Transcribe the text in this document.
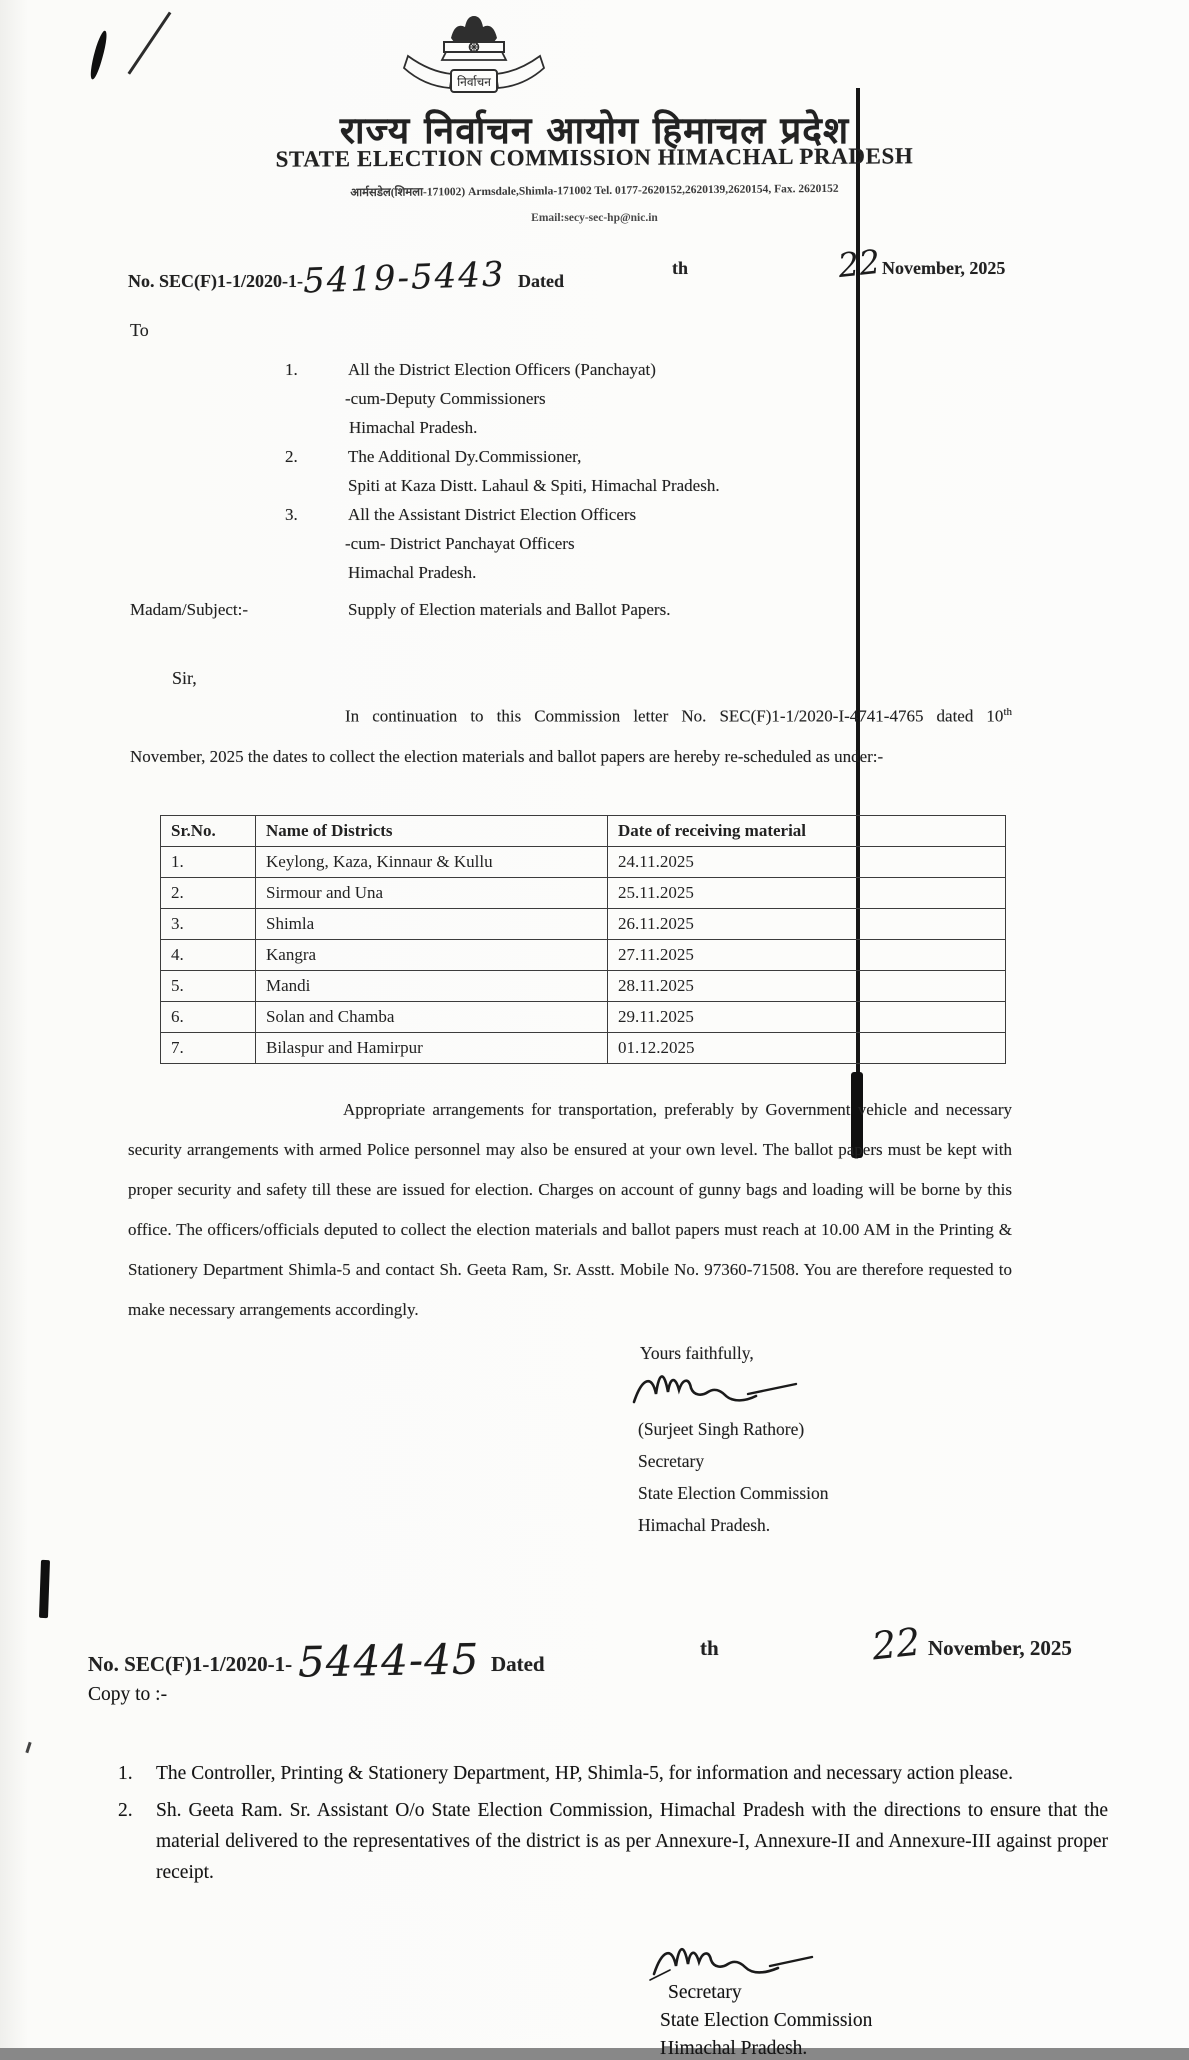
निर्वाचन
राज्य निर्वाचन आयोग हिमाचल प्रदेश
STATE ELECTION COMMISSION HIMACHAL PRADESH
आर्मसडेल(शिमला-171002) Armsdale,Shimla-171002 Tel. 0177-2620152,2620139,2620154, Fax. 2620152
Email:secy-sec-hp@nic.in
No. SEC(F)1-1/2020-1-5419-5443 Dated
th	22 November, 2025
To
1.	All the District Election Officers (Panchayat)
-cum-Deputy Commissioners
Himachal Pradesh.
2.	The Additional Dy.Commissioner,
Spiti at Kaza Distt. Lahaul & Spiti, Himachal Pradesh.
3.	All the Assistant District Election Officers
-cum- District Panchayat Officers
Himachal Pradesh.
Madam/Subject:-	Supply of Election materials and Ballot Papers.
Sir,
In continuation to this Commission letter No. SEC(F)1-1/2020-I-4741-4765 dated 10th November, 2025 the dates to collect the election materials and ballot papers are hereby re-scheduled as under:-
Sr.No.	Name of Districts	Date of receiving material
1.	Keylong, Kaza, Kinnaur & Kullu	24.11.2025
2.	Sirmour and Una	25.11.2025
3.	Shimla	26.11.2025
4.	Kangra	27.11.2025
5.	Mandi	28.11.2025
6.	Solan and Chamba	29.11.2025
7.	Bilaspur and Hamirpur	01.12.2025
Appropriate arrangements for transportation, preferably by Government vehicle and necessary security arrangements with armed Police personnel may also be ensured at your own level. The ballot papers must be kept with proper security and safety till these are issued for election. Charges on account of gunny bags and loading will be borne by this office. The officers/officials deputed to collect the election materials and ballot papers must reach at 10.00 AM in the Printing & Stationery Department Shimla-5 and contact Sh. Geeta Ram, Sr. Asstt. Mobile No. 97360-71508. You are therefore requested to make necessary arrangements accordingly.
Yours faithfully,
(Surjeet Singh Rathore)
Secretary
State Election Commission
Himachal Pradesh.
No. SEC(F)1-1/2020-1- 5444-45 Dated
th	22 November, 2025
Copy to :-
1.	The Controller, Printing & Stationery Department, HP, Shimla-5, for information and necessary action please.
2.	Sh. Geeta Ram. Sr. Assistant O/o State Election Commission, Himachal Pradesh with the directions to ensure that the material delivered to the representatives of the district is as per Annexure-I, Annexure-II and Annexure-III against proper receipt.
Secretary
State Election Commission
Himachal Pradesh.
